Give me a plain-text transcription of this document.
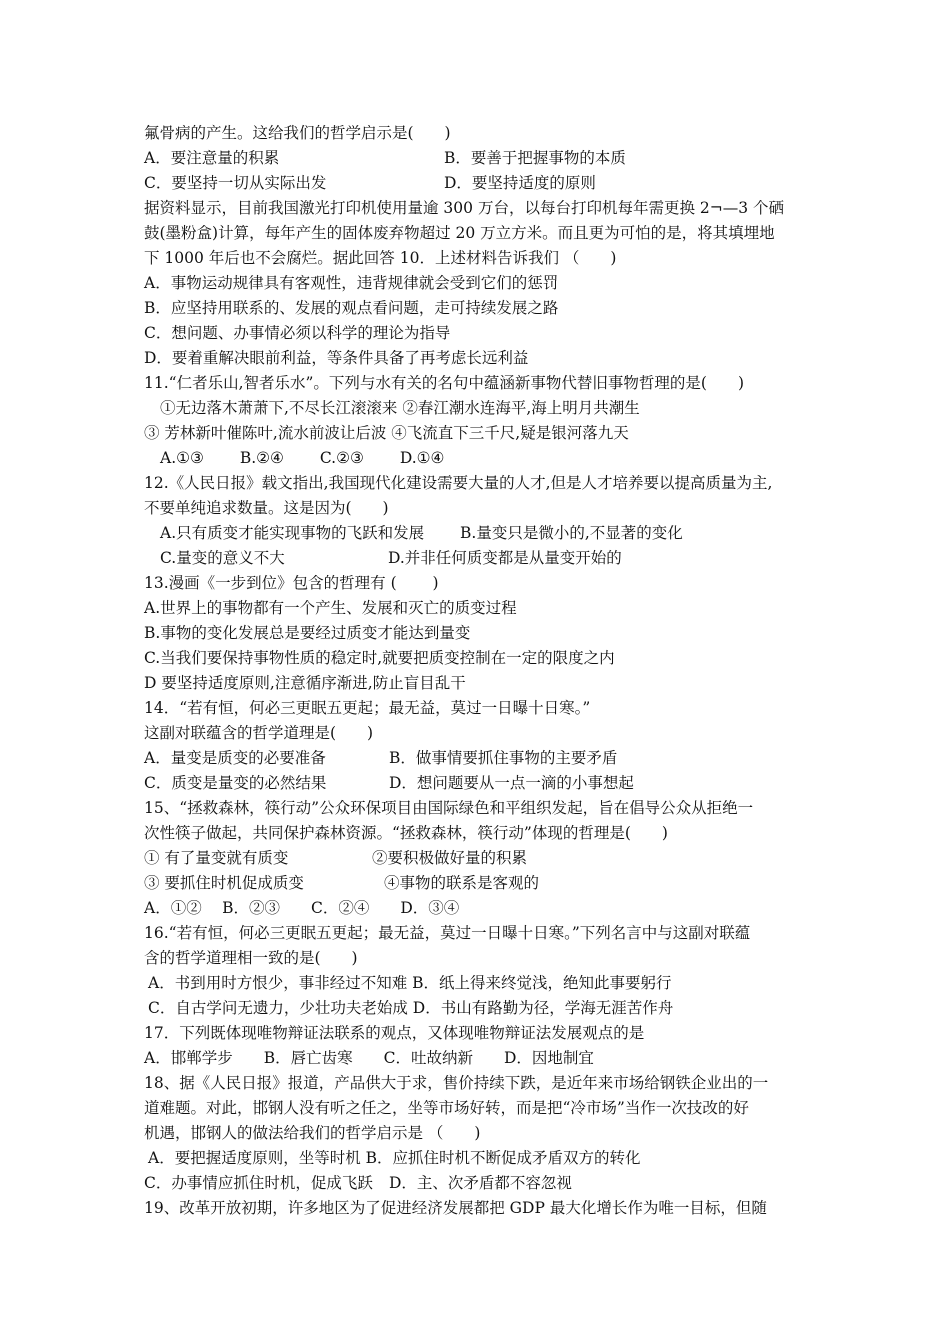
氟骨病的产生。这给我们的哲学启示是(　　)
A．要注意量的积累	B．要善于把握事物的本质
C．要坚持一切从实际出发	D．要坚持适度的原则
据资料显示，目前我国激光打印机使用量逾 300 万台，以每台打印机每年需更换 2¬—3 个硒
鼓(墨粉盒)计算，每年产生的固体废弃物超过 20 万立方米。而且更为可怕的是，将其填埋地
下 1000 年后也不会腐烂。据此回答 10．上述材料告诉我们 （　　)
A．事物运动规律具有客观性，违背规律就会受到它们的惩罚
B．应坚持用联系的、发展的观点看问题，走可持续发展之路
C．想问题、办事情必须以科学的理论为指导
D．要着重解决眼前利益，等条件具备了再考虑长远利益
11.“仁者乐山,智者乐水”。下列与水有关的名句中蕴涵新事物代替旧事物哲理的是(　　)
①无边落木萧萧下,不尽长江滚滚来 ②春江潮水连海平,海上明月共潮生
③ 芳林新叶催陈叶,流水前波让后波 ④飞流直下三千尺,疑是银河落九天
A.①③　　 B.②④　　 C.②③　　 D.①④
12.《人民日报》载文指出,我国现代化建设需要大量的人才,但是人才培养要以提高质量为主,
不要单纯追求数量。这是因为(　　)
A.只有质变才能实现事物的飞跃和发展 B.量变只是微小的,不显著的变化
C.量变的意义不大	D.并非任何质变都是从量变开始的
13.漫画《一步到位》包含的哲理有 (　　 )
A.世界上的事物都有一个产生、发展和灭亡的质变过程
B.事物的变化发展总是要经过质变才能达到量变
C.当我们要保持事物性质的稳定时,就要把质变控制在一定的限度之内
D 要坚持适度原则,注意循序渐进,防止盲目乱干
14．“若有恒，何必三更眠五更起；最无益，莫过一日曝十日寒。”
这副对联蕴含的哲学道理是(　　)
A．量变是质变的必要准备	B．做事情要抓住事物的主要矛盾
C．质变是量变的必然结果	D．想问题要从一点一滴的小事想起
15、“拯救森林，筷行动”公众环保项目由国际绿色和平组织发起，旨在倡导公众从拒绝一
次性筷子做起，共同保护森林资源。“拯救森林，筷行动”体现的哲理是(　　)
① 有了量变就有质变	②要积极做好量的积累
③ 要抓住时机促成质变	④事物的联系是客观的
A．①②　 B．②③　　C．②④　　D．③④
16.“若有恒，何必三更眠五更起；最无益，莫过一日曝十日寒。”下列名言中与这副对联蕴
含的哲学道理相一致的是(　　)
A．书到用时方恨少，事非经过不知难 B．纸上得来终觉浅，绝知此事要躬行
C．自古学问无遗力，少壮功夫老始成 D．书山有路勤为径，学海无涯苦作舟
17．下列既体现唯物辩证法联系的观点，又体现唯物辩证法发展观点的是
A．邯郸学步　　B．唇亡齿寒　　C．吐故纳新　　D．因地制宜
18、据《人民日报》报道，产品供大于求，售价持续下跌，是近年来市场给钢铁企业出的一
道难题。对此，邯钢人没有听之任之，坐等市场好转，而是把“冷市场”当作一次技改的好
机遇，邯钢人的做法给我们的哲学启示是 （　　)
A．要把握适度原则，坐等时机 B．应抓住时机不断促成矛盾双方的转化
C．办事情应抓住时机，促成飞跃 D．主、次矛盾都不容忽视
19、改革开放初期，许多地区为了促进经济发展都把 GDP 最大化增长作为唯一目标，但随
